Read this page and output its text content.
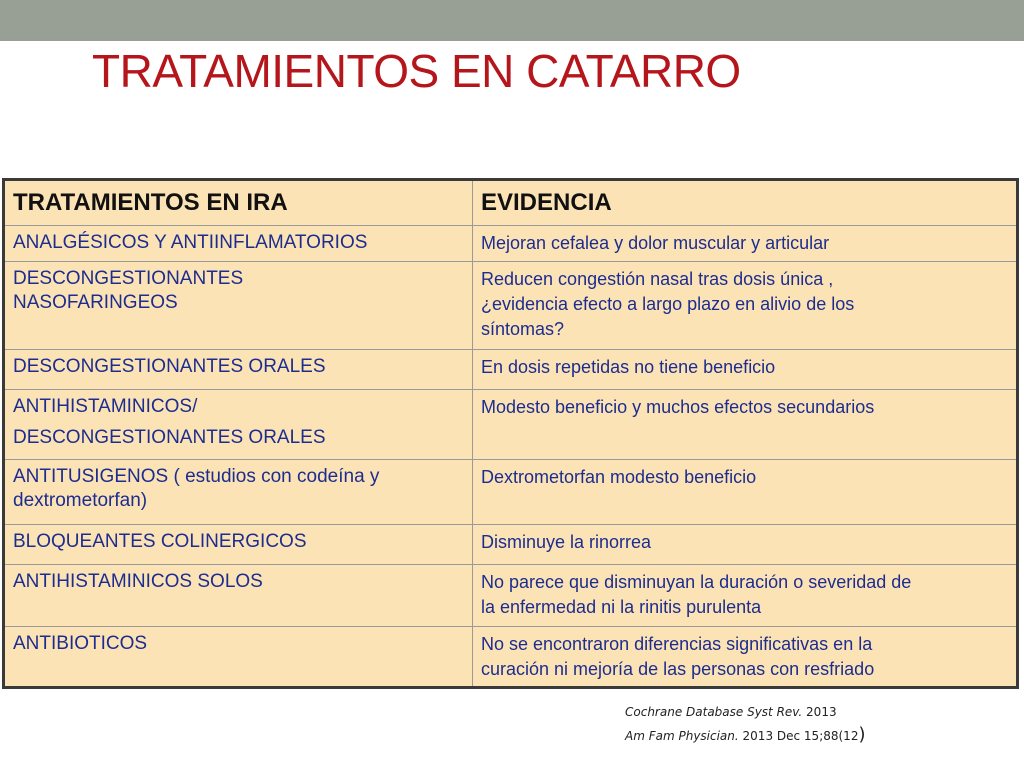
TRATAMIENTOS EN CATARRO
TRATAMIENTOS EN IRA	EVIDENCIA

ANALGÉSICOS Y ANTIINFLAMATORIOS	Mejoran cefalea y dolor muscular y articular

DESCONGESTIONANTES
NASOFARINGEOS	Reducen congestión nasal tras dosis única ,
¿evidencia efecto a largo plazo en alivio de los
síntomas?

DESCONGESTIONANTES ORALES	En dosis repetidas no tiene beneficio

ANTIHISTAMINICOS/
DESCONGESTIONANTES ORALES	Modesto beneficio y muchos efectos secundarios

ANTITUSIGENOS ( estudios con codeína y
dextrometorfan)	Dextrometorfan modesto beneficio

BLOQUEANTES COLINERGICOS	Disminuye la rinorrea

ANTIHISTAMINICOS SOLOS	No parece que disminuyan la duración o severidad de
la enfermedad ni la rinitis purulenta

ANTIBIOTICOS	No se encontraron diferencias significativas en la
curación ni mejoría de las personas con resfriado
Cochrane Database Syst Rev. 2013
Am Fam Physician. 2013 Dec 15;88(12)
